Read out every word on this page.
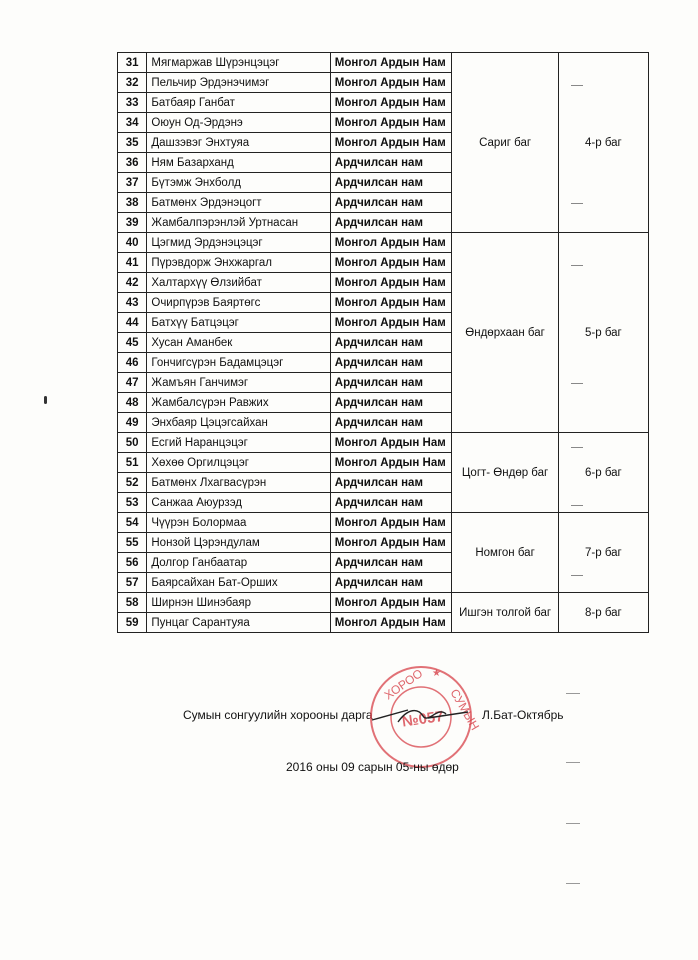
31	Мягмаржав Шүрэнцэцэг	Монгол Ардын Нам	Сариг баг	4-р баг

32	Пельчир Эрдэнэчимэг	Монгол Ардын Нам		
33	Батбаяр Ганбат	Монгол Ардын Нам		
34	Оюун Од-Эрдэнэ	Монгол Ардын Нам		
35	Дашзэвэг Энхтуяа	Монгол Ардын Нам		
36	Ням Базарханд	Ардчилсан нам		
37	Бүтэмж Энхболд	Ардчилсан нам		
38	Батмөнх Эрдэнэцогт	Ардчилсан нам		
39	Жамбалпэрэнлэй Уртнасан	Ардчилсан нам		
40	Цэгмид Эрдэнэцэцэг	Монгол Ардын Нам	Өндөрхаан баг	5-р баг

41	Пүрэвдорж Энхжаргал	Монгол Ардын Нам		
42	Халтархүү Өлзийбат	Монгол Ардын Нам		
43	Очирпүрэв Баяртөгс	Монгол Ардын Нам		
44	Батхүү Батцэцэг	Монгол Ардын Нам		
45	Хусан Аманбек	Ардчилсан нам		
46	Гончигсүрэн Бадамцэцэг	Ардчилсан нам		
47	Жамъян Ганчимэг	Ардчилсан нам		
48	Жамбалсүрэн Равжих	Ардчилсан нам		
49	Энхбаяр Цэцэгсайхан	Ардчилсан нам		
50	Есгий Наранцэцэг	Монгол Ардын Нам	Цогт- Өндөр баг	6-р баг

51	Хөхөө Оргилцэцэг	Монгол Ардын Нам		
52	Батмөнх Лхагвасүрэн	Ардчилсан нам		
53	Санжаа Аюурзэд	Ардчилсан нам		
54	Чүүрэн Болормаа	Монгол Ардын Нам	Номгон баг	7-р баг

55	Нонзой Цэрэндулам	Монгол Ардын Нам		
56	Долгор Ганбаатар	Ардчилсан нам		
57	Баярсайхан Бат-Орших	Ардчилсан нам		
58	Ширнэн Шинэбаяр	Монгол Ардын Нам	Ишгэн толгой баг	8-р баг
59	Пунцаг Сарантуяа	Монгол Ардын Нам		
Сумын сонгуулийн хорооны дарга
ХОРОО
СУМЫН
№057
★
Л.Бат-Октябрь
2016 оны 09 сарын 05-ны өдөр
